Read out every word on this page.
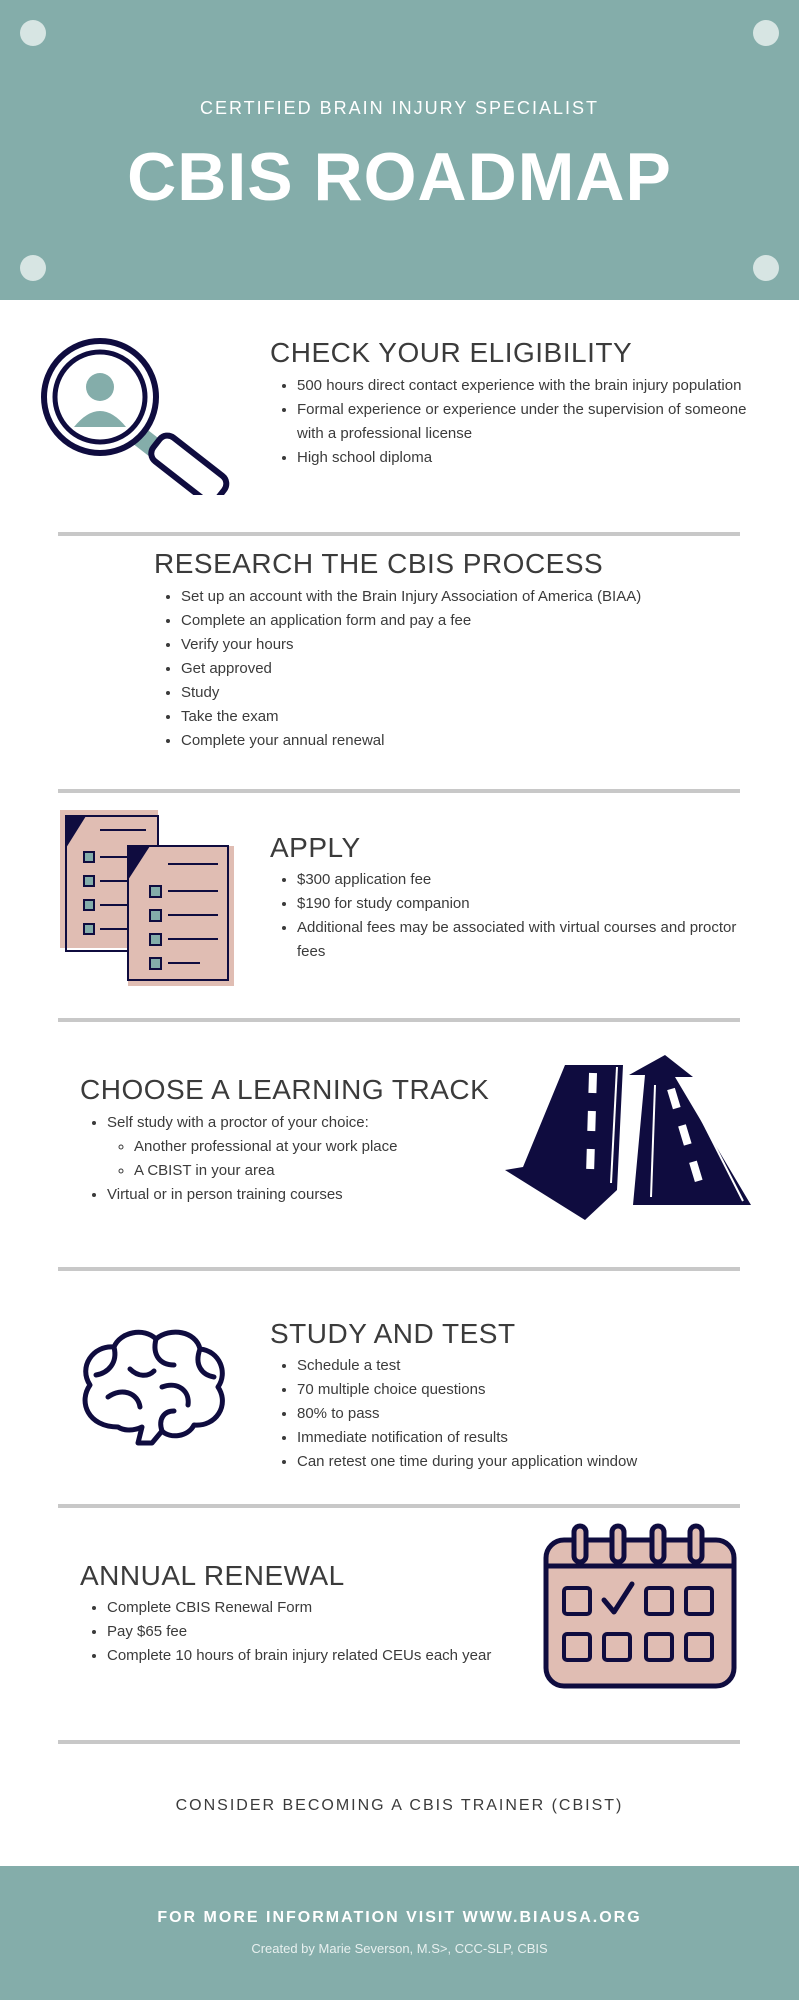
CERTIFIED BRAIN INJURY SPECIALIST
CBIS ROADMAP
CHECK YOUR ELIGIBILITY
• 500 hours direct contact experience with the brain injury population
• Formal experience or experience under the supervision of someone with a professional license
• High school diploma
RESEARCH THE CBIS PROCESS
• Set up an account with the Brain Injury Association of America (BIAA)
• Complete an application form and pay a fee
• Verify your hours
• Get approved
• Study
• Take the exam
• Complete your annual renewal
APPLY
• $300 application fee
• $190 for study companion
• Additional fees may be associated with virtual courses and proctor fees
CHOOSE A LEARNING TRACK
• Self study with a proctor of your choice:
◦ Another professional at your work place
◦ A CBIST in your area
• Virtual or in person training courses
STUDY AND TEST
• Schedule a test
• 70 multiple choice questions
• 80% to pass
• Immediate notification of results
• Can retest one time during your application window
ANNUAL RENEWAL
• Complete CBIS Renewal Form
• Pay $65 fee
• Complete 10 hours of brain injury related CEUs each year
CONSIDER BECOMING A CBIS TRAINER (CBIST)
FOR MORE INFORMATION VISIT WWW.BIAUSA.ORG
Created by Marie Severson, M.S>, CCC-SLP, CBIS
